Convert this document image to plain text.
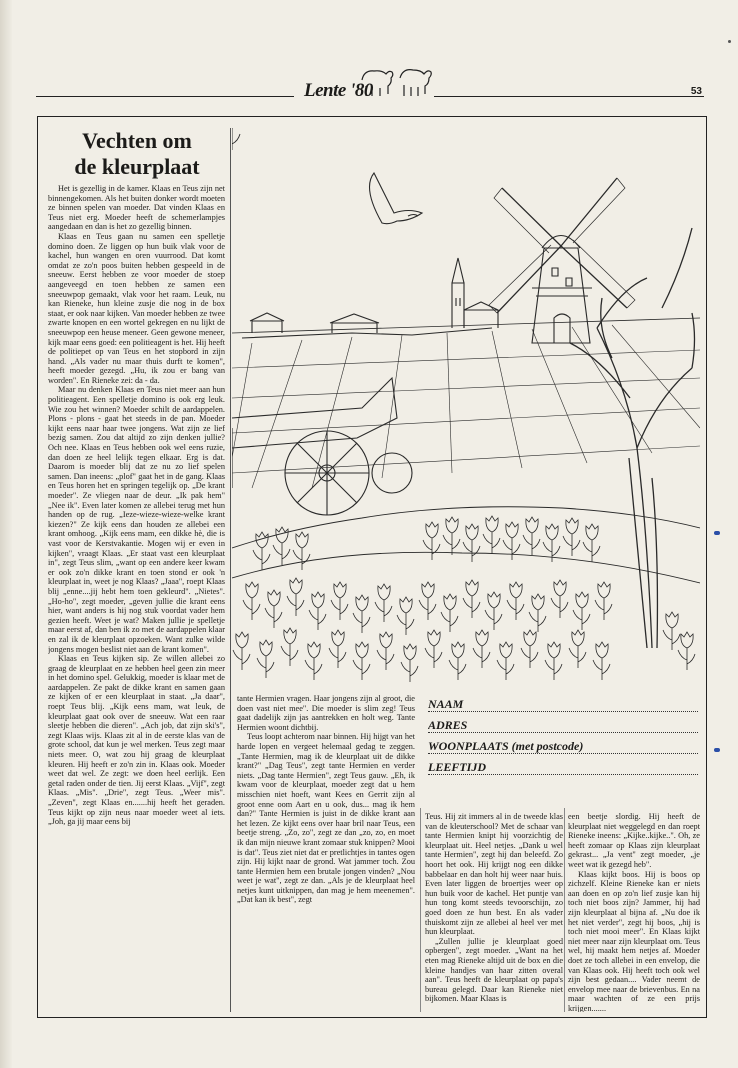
Lente '80	53
Vechten om
de kleurplaat

Het is gezellig in de kamer. Klaas en Teus zijn net binnengekomen. Als het buiten donker wordt moeten ze binnen spelen van moeder. Dat vinden Klaas en Teus niet erg. Moeder heeft de schemerlampjes aangedaan en dan is het zo gezellig binnen.

Klaas en Teus gaan nu samen een spelletje domino doen. Ze liggen op hun buik vlak voor de kachel, hun wangen en oren vuurrood. Dat komt omdat ze zo'n poos buiten hebben gespeeld in de sneeuw. Eerst hebben ze voor moeder de stoep aangeveegd en toen hebben ze samen een sneeuwpop gemaakt, vlak voor het raam. Leuk, nu kan Rieneke, hun kleine zusje die nog in de box staat, er ook naar kijken. Van moeder hebben ze twee zwarte knopen en een wortel gekregen en nu lijkt de sneeuwpop een heuse meneer. Geen gewone meneer, kijk maar eens goed: een politieagent is het. Hij heeft de politiepet op van Teus en het stopbord in zijn hand. „Als vader nu maar thuis durft te komen", heeft moeder gezegd. „Hu, ik zou er bang van worden". En Rieneke zei: da - da.

Maar nu denken Klaas en Teus niet meer aan hun politieagent. Een spelletje domino is ook erg leuk. Wie zou het winnen? Moeder schilt de aardappelen. Plons - plons - gaat het steeds in de pan. Moeder kijkt eens naar haar twee jongens. Wat zijn ze lief bezig samen. Zou dat altijd zo zijn denken jullie? Och nee. Klaas en Teus hebben ook wel eens ruzie, dan doen ze heel lelijk tegen elkaar. Erg is dat. Daarom is moeder blij dat ze nu zo lief spelen samen. Dan ineens: „plof" gaat het in de gang. Klaas en Teus horen het en springen tegelijk op. „De krant moeder". Ze vliegen naar de deur. „Ik pak hem" „Nee ik". Even later komen ze allebei terug met hun handen op de rug. „Ieze-wieze-wieze-welke krant kiezen?" Ze kijk eens dan houden ze allebei een krant omhoog. „Kijk eens mam, een dikke hè, die is vast voor de Kerstvakantie. Mogen wij er even in kijken", vraagt Klaas. „Er staat vast een kleurplaat in", zegt Teus slim, „want op een andere keer kwam er ook zo'n dikke krant en toen stond er ook 'n kleurplaat in, weet je nog Klaas? „Jaaa", roept Klaas blij „enne....jij hebt hem toen gekleurd". „Nietes". „Ho-ho", zegt moeder, „geven jullie die krant eens hier, want anders is hij nog stuk voordat vader hem gezien heeft. Weet je wat? Maken jullie je spelletje maar eerst af, dan ben ik zo met de aardappelen klaar en zal ik de kleurplaat opzoeken. Want zulke wilde jongens mogen beslist niet aan de krant komen".

Klaas en Teus kijken sip. Ze willen allebei zo graag de kleurplaat en ze hebben heel geen zin meer in het domino spel. Gelukkig, moeder is klaar met de aardappelen. Ze pakt de dikke krant en samen gaan ze kijken of er een kleurplaat in staat. „Ja daar", roept Teus blij. „Kijk eens mam, wat leuk, de kleurplaat gaat ook over de sneeuw. Wat een raar sleetje hebben die dieren". „Ach job, dat zijn ski's", zegt Klaas wijs. Klaas zit al in de eerste klas van de grote school, dat kun je wel merken. Teus zegt maar niets meer. O, wat zou hij graag de kleurplaat kleuren. Hij heeft er zo'n zin in. Klaas ook. Moeder weet dat wel. Ze zegt: we doen heel eerlijk. Een getal raden onder de tien. Jij eerst Klaas. „Vijf", zegt Klaas. „Mis". „Drie", zegt Teus. „Weer mis". „Zeven", zegt Klaas en.......hij heeft het geraden. Teus kijkt op zijn neus naar moeder weet al iets. „Joh, ga jij maar eens bij

NAAM
ADRES
WOONPLAATS (met postcode)
LEEFTIJD

tante Hermien vragen. Haar jongens zijn al groot, die doen vast niet mee". Die moeder is slim zeg! Teus gaat dadelijk zijn jas aantrekken en holt weg. Tante Hermien woont dichtbij.

Teus loopt achterom naar binnen. Hij hijgt van het harde lopen en vergeet helemaal gedag te zeggen. „Tante Hermien, mag ik de kleurplaat uit de dikke krant?" „Dag Teus", zegt tante Hermien en verder niets. „Dag tante Hermien", zegt Teus gauw. „Eh, ik kwam voor de kleurplaat, moeder zegt dat u hem misschien niet hoeft, want Kees en Gerrit zijn al groot enne oom Aart en u ook, dus... mag ik hem dan?" Tante Hermien is juist in de dikke krant aan het lezen. Ze kijkt eens over haar bril naar Teus, een beetje streng. „Zo, zo", zegt ze dan „zo, zo, en moet ik dan mijn nieuwe krant zomaar stuk knippen? Mooi is dat". Teus ziet niet dat er pretlichtjes in tantes ogen zijn. Hij kijkt naar de grond. Wat jammer toch. Zou tante Hermien hem een brutale jongen vinden? „Nou weet je wat", zegt ze dan. „Als je de kleurplaat heel netjes kunt uitknippen, dan mag je hem meenemen". „Dat kan ik best", zegt

Teus. Hij zit immers al in de tweede klas van de kleuterschool? Met de schaar van tante Hermien knipt hij voorzichtig de kleurplaat uit. Heel netjes. „Dank u wel tante Hermien", zegt hij dan beleefd. Zo hoort het ook. Hij krijgt nog een dikke babbelaar en dan holt hij weer naar huis. Even later liggen de broertjes weer op hun buik voor de kachel. Het puntje van hun tong komt steeds tevoorschijn, zo goed doen ze hun best. En als vader thuiskomt zijn ze allebei al heel ver met hun kleurplaat.

„Zullen jullie je kleurplaat goed opbergen", zegt moeder. „Want na het eten mag Rieneke altijd uit de box en die kleine handjes van haar zitten overal aan". Teus heeft de kleurplaat op papa's bureau gelegd. Daar kan Rieneke niet bijkomen. Maar Klaas is

een beetje slordig. Hij heeft de kleurplaat niet weggelegd en dan roept Rieneke ineens: „Kijke..kijke..". Oh, ze heeft zomaar op Klaas zijn kleurplaat gekrast... „Ja vent" zegt moeder, „je weet wat ik gezegd heb".

Klaas kijkt boos. Hij is boos op zichzelf. Kleine Rieneke kan er niets aan doen en op zo'n lief zusje kan hij toch niet boos zijn? Jammer, hij had zijn kleurplaat al bijna af. „Nu doe ik het niet verder", zegt hij boos, „hij is toch niet mooi meer". En Klaas kijkt niet meer naar zijn kleurplaat om. Teus wel, hij maakt hem netjes af. Moeder doet ze toch allebei in een envelop, die van Klaas ook. Hij heeft toch ook wel zijn best gedaan.... Vader neemt de envelop mee naar de brievenbus. En na maar wachten of ze een prijs krijgen.......
